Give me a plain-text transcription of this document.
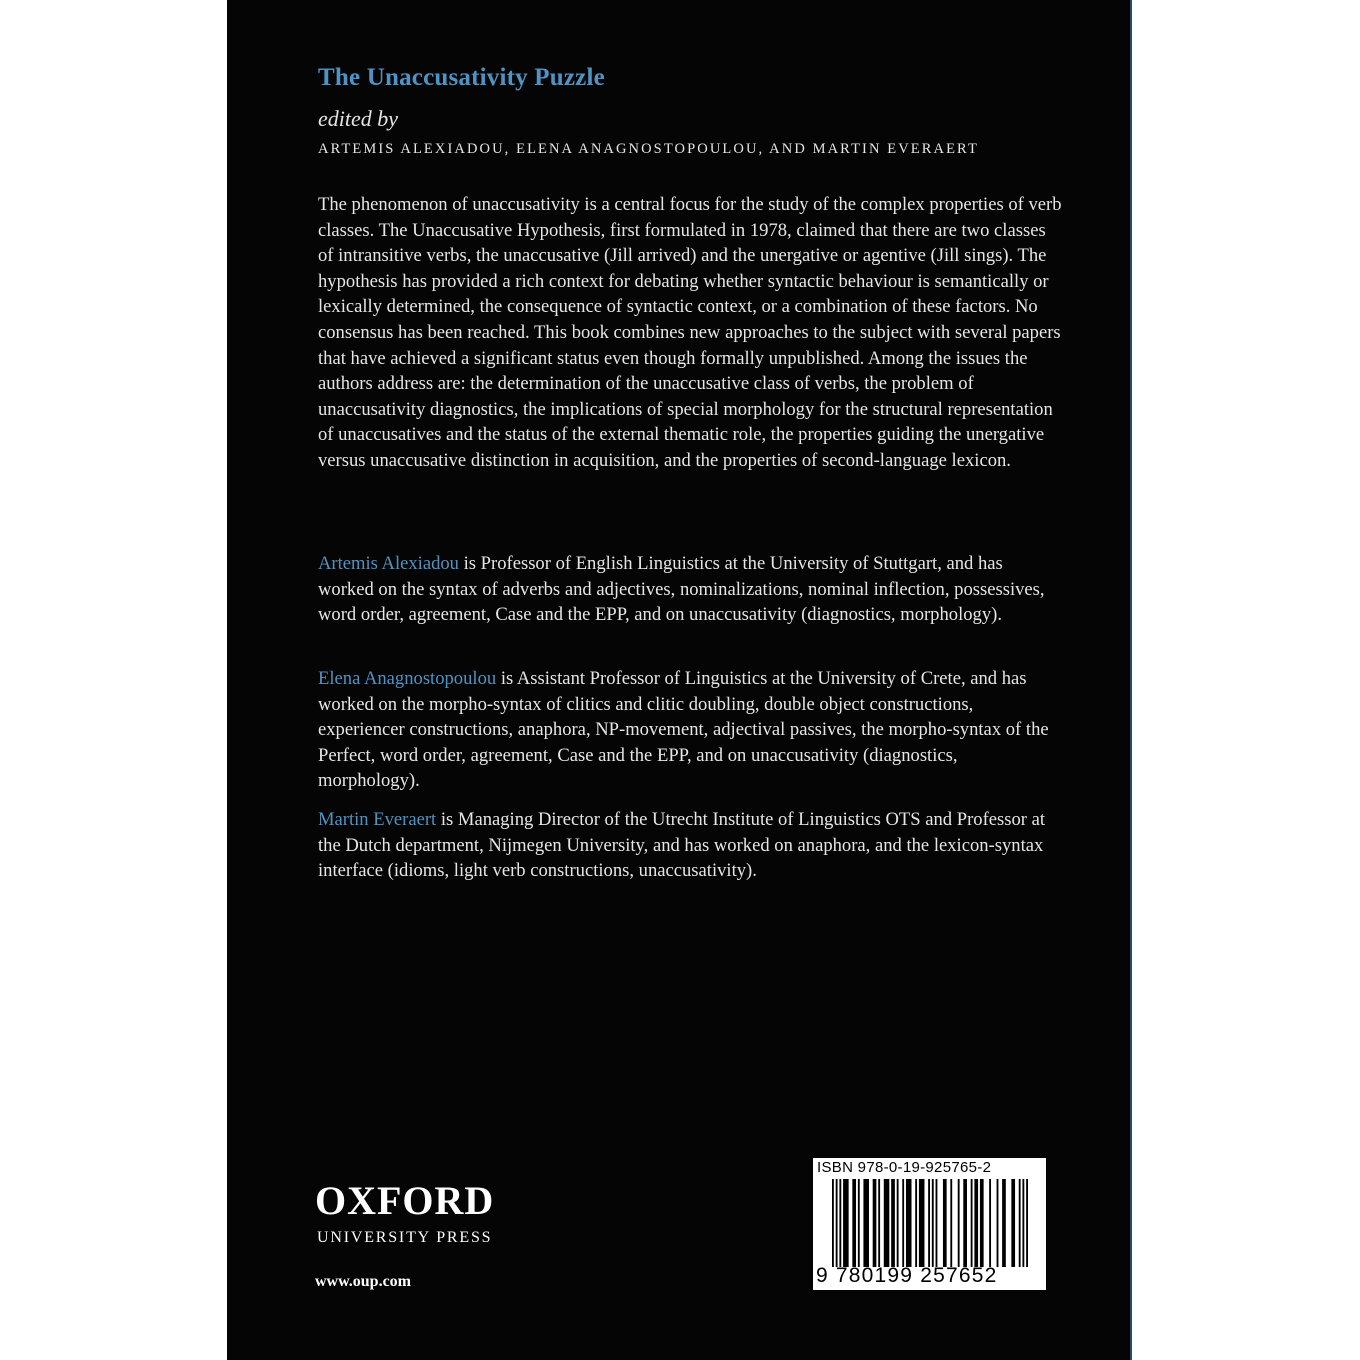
The Unaccusativity Puzzle
edited by
ARTEMIS ALEXIADOU, ELENA ANAGNOSTOPOULOU, AND MARTIN EVERAERT

The phenomenon of unaccusativity is a central focus for the study of the complex properties of verb classes. The Unaccusative Hypothesis, first formulated in 1978, claimed that there are two classes of intransitive verbs, the unaccusative (Jill arrived) and the unergative or agentive (Jill sings). The hypothesis has provided a rich context for debating whether syntactic behaviour is semantically or lexically determined, the consequence of syntactic context, or a combination of these factors. No consensus has been reached. This book combines new approaches to the subject with several papers that have achieved a significant status even though formally unpublished. Among the issues the authors address are: the determination of the unaccusative class of verbs, the problem of unaccusativity diagnostics, the implications of special morphology for the structural representation of unaccusatives and the status of the external thematic role, the properties guiding the unergative versus unaccusative distinction in acquisition, and the properties of second-language lexicon.

Artemis Alexiadou is Professor of English Linguistics at the University of Stuttgart, and has worked on the syntax of adverbs and adjectives, nominalizations, nominal inflection, possessives, word order, agreement, Case and the EPP, and on unaccusativity (diagnostics, morphology).

Elena Anagnostopoulou is Assistant Professor of Linguistics at the University of Crete, and has worked on the morpho-syntax of clitics and clitic doubling, double object constructions, experiencer constructions, anaphora, NP-movement, adjectival passives, the morpho-syntax of the Perfect, word order, agreement, Case and the EPP, and on unaccusativity (diagnostics, morphology).

Martin Everaert is Managing Director of the Utrecht Institute of Linguistics OTS and Professor at the Dutch department, Nijmegen University, and has worked on anaphora, and the lexicon-syntax interface (idioms, light verb constructions, unaccusativity).

OXFORD
UNIVERSITY PRESS
www.oup.com
ISBN 978-0-19-925765-2
9 780199 257652
